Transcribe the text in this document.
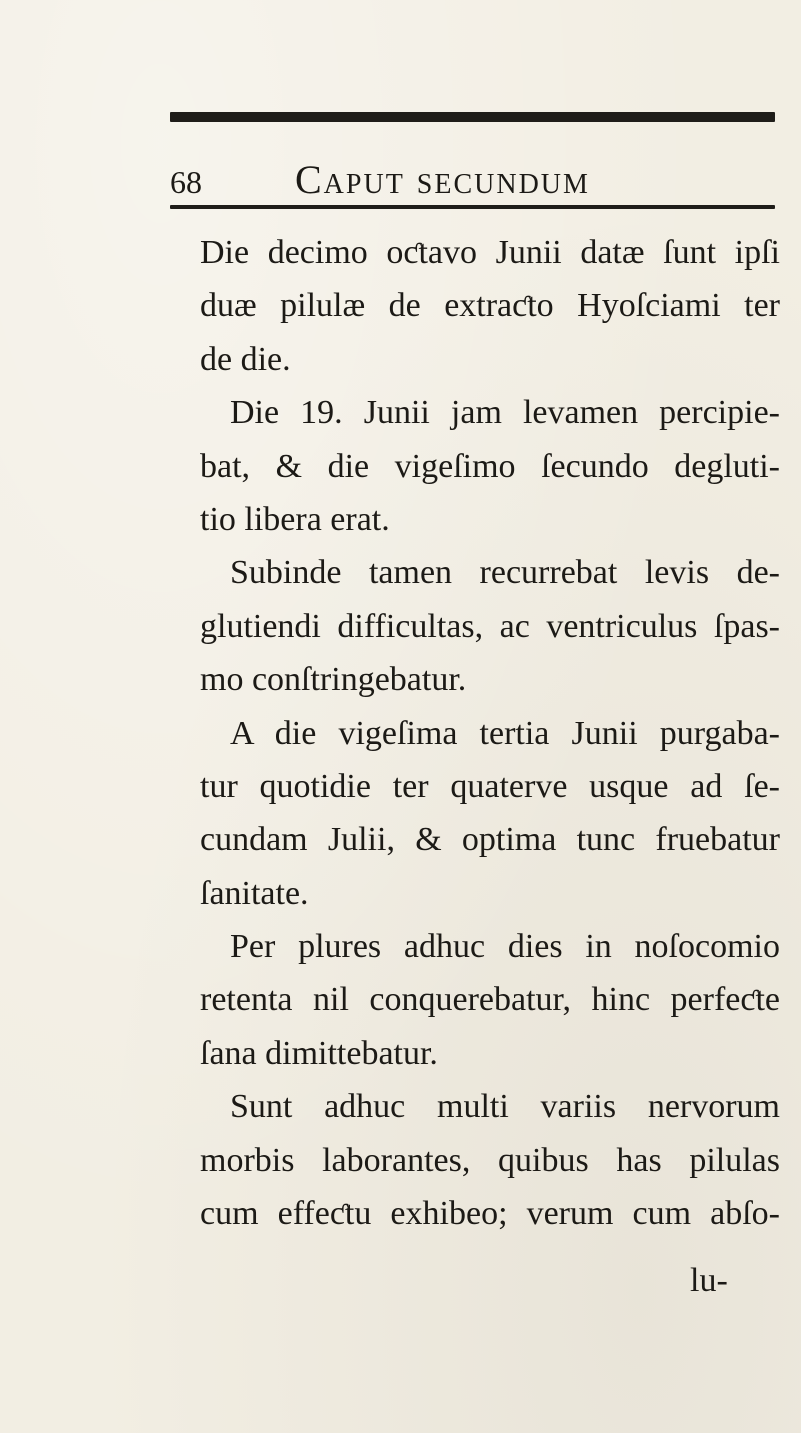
68 Caput secundum
Die decimo oƈtavo Junii datæ ſunt ipſi
duæ pilulæ de extraƈto Hyoſciami ter
de die.
Die 19. Junii jam levamen percipie-
bat, & die vigeſimo ſecundo degluti-
tio libera erat.
Subinde tamen recurrebat levis de-
glutiendi difficultas, ac ventriculus ſpas-
mo conſtringebatur.
A die vigeſima tertia Junii purgaba-
tur quotidie ter quaterve usque ad ſe-
cundam Julii, & optima tunc fruebatur
ſanitate.
Per plures adhuc dies in noſocomio
retenta nil conquerebatur, hinc perfeƈte
ſana dimittebatur.
Sunt adhuc multi variis nervorum
morbis laborantes, quibus has pilulas
cum effeƈtu exhibeo; verum cum abſo-
lu-
